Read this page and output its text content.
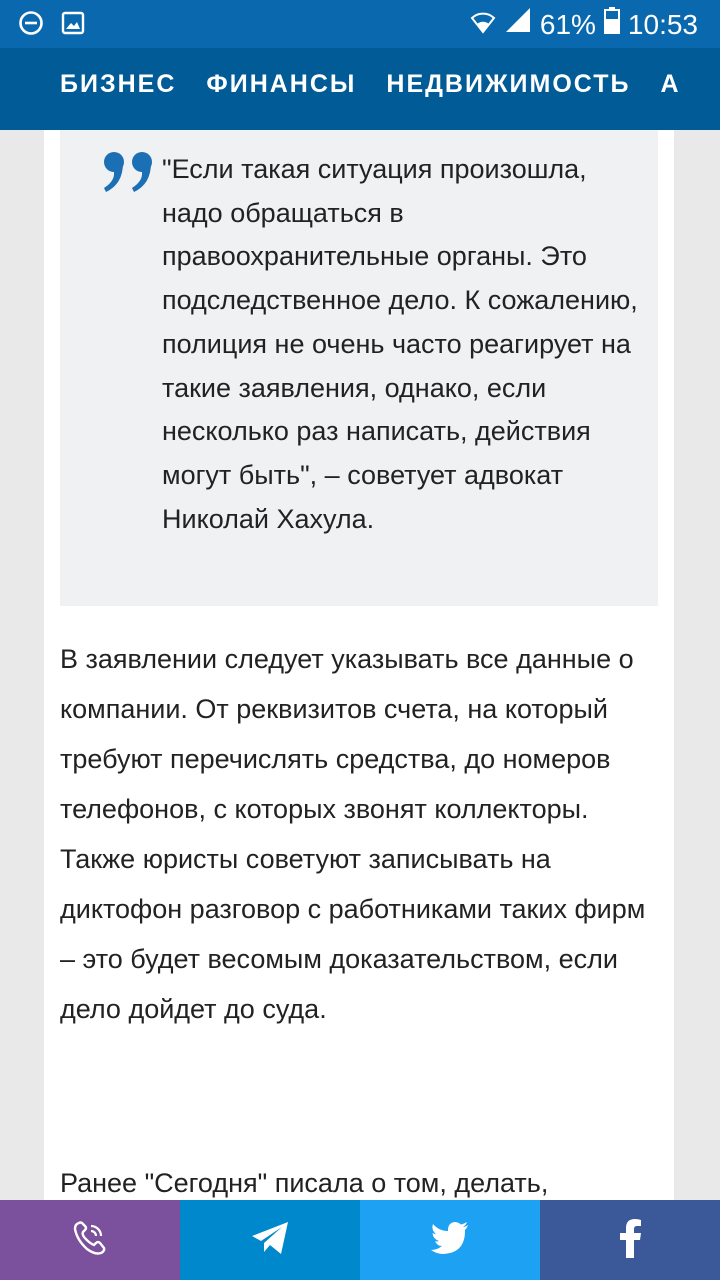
61% 10:53
БИЗНЕС ФИНАНСЫ НЕДВИЖИМОСТЬ А
"Если такая ситуация произошла, надо обращаться в правоохранительные органы. Это подследственное дело. К сожалению, полиция не очень часто реагирует на такие заявления, однако, если несколько раз написать, действия могут быть", – советует адвокат Николай Хахула.
В заявлении следует указывать все данные о компании. От реквизитов счета, на который требуют перечислять средства, до номеров телефонов, с которых звонят коллекторы. Также юристы советуют записывать на диктофон разговор с работниками таких фирм – это будет весомым доказательством, если дело дойдет до суда.
Ранее "Сегодня" писала о том, делать,
